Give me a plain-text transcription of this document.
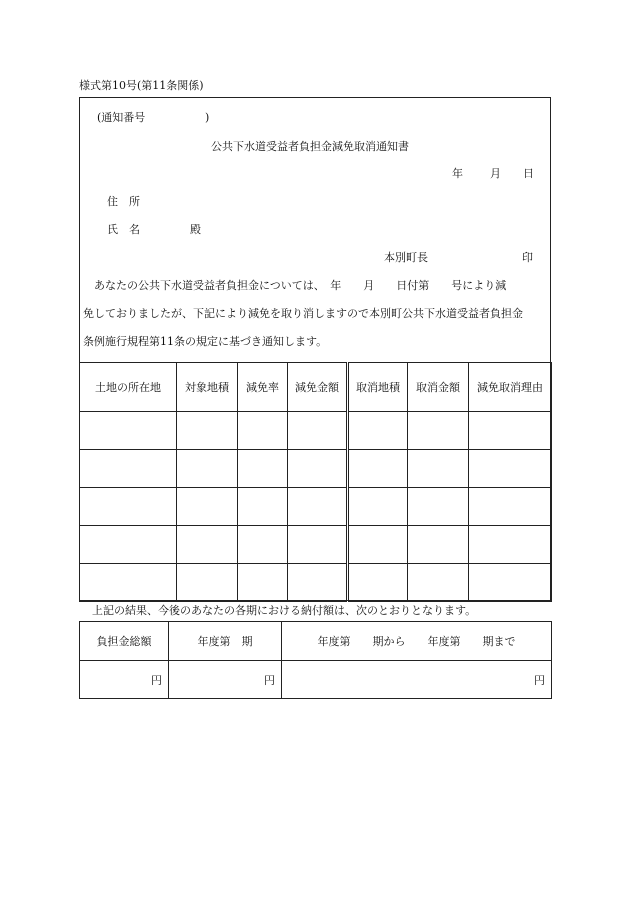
様式第10号(第11条関係)
(通知番号	)
公共下水道受益者負担金減免取消通知書
年 月 日
住　所
氏　名	殿
本別町長	印
あなたの公共下水道受益者負担金については、　年　　月　　日付第　　号により減
免しておりましたが、下記により減免を取り消しますので本別町公共下水道受益者負担金
条例施行規程第11条の規定に基づき通知します。
土地の所在地	対象地積	減免率	減免金額	取消地積	取消金額	減免取消理由

上記の結果、今後のあなたの各期における納付額は、次のとおりとなります。
負担金総額	年度第　期	年度第　　期から　　年度第　　期まで
円	円	円
